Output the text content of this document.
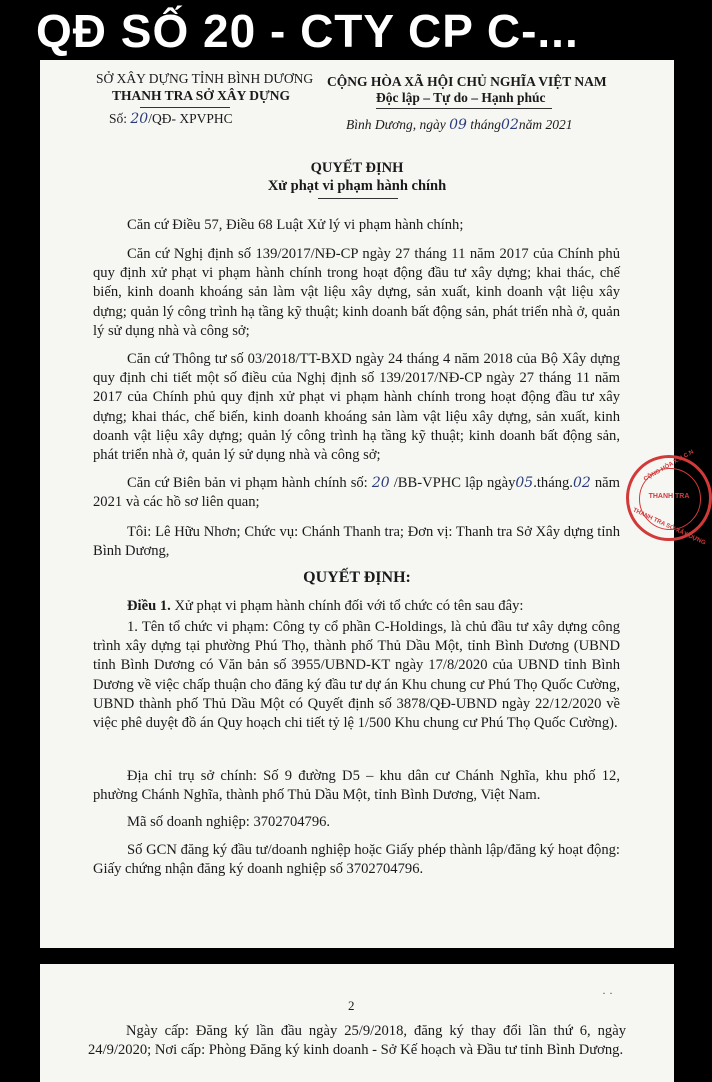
QĐ SỐ 20 - CTY CP C-...
SỞ XÂY DỰNG TỈNH BÌNH DƯƠNG
THANH TRA SỞ XÂY DỰNG
Số: 20/QĐ- XPVPHC
CỘNG HÒA XÃ HỘI CHỦ NGHĨA VIỆT NAM
Độc lập – Tự do – Hạnh phúc
Bình Dương, ngày 09 tháng02năm 2021
QUYẾT ĐỊNH
Xử phạt vi phạm hành chính
Căn cứ Điều 57, Điều 68 Luật Xử lý vi phạm hành chính;
Căn cứ Nghị định số 139/2017/NĐ-CP ngày 27 tháng 11 năm 2017 của Chính phủ quy định xử phạt vi phạm hành chính trong hoạt động đầu tư xây dựng; khai thác, chế biến, kinh doanh khoáng sản làm vật liệu xây dựng, sản xuất, kinh doanh vật liệu xây dựng; quản lý công trình hạ tầng kỹ thuật; kinh doanh bất động sản, phát triển nhà ở, quản lý sử dụng nhà và công sở;
Căn cứ Thông tư số 03/2018/TT-BXD ngày 24 tháng 4 năm 2018 của Bộ Xây dựng quy định chi tiết một số điều của Nghị định số 139/2017/NĐ-CP ngày 27 tháng 11 năm 2017 của Chính phủ quy định xử phạt vi phạm hành chính trong hoạt động đầu tư xây dựng; khai thác, chế biến, kinh doanh khoáng sản làm vật liệu xây dựng, sản xuất, kinh doanh vật liệu xây dựng; quản lý công trình hạ tầng kỹ thuật; kinh doanh bất động sản, phát triển nhà ở, quản lý sử dụng nhà và công sở;
Căn cứ Biên bản vi phạm hành chính số: 20 /BB-VPHC lập ngày05.tháng.02 năm 2021 và các hồ sơ liên quan;
Tôi: Lê Hữu Nhơn; Chức vụ: Chánh Thanh tra; Đơn vị: Thanh tra Sở Xây dựng tỉnh Bình Dương,
CỘNG HÒA X.H.C.N
THANH TRA
THANH TRA SỞ XÂY DỰNG
QUYẾT ĐỊNH:
Điều 1. Xử phạt vi phạm hành chính đối với tổ chức có tên sau đây:
1. Tên tổ chức vi phạm: Công ty cổ phần C-Holdings, là chủ đầu tư xây dựng công trình xây dựng tại phường Phú Thọ, thành phố Thủ Dầu Một, tỉnh Bình Dương (UBND tỉnh Bình Dương có Văn bản số 3955/UBND-KT ngày 17/8/2020 của UBND tỉnh Bình Dương về việc chấp thuận cho đăng ký đầu tư dự án Khu chung cư Phú Thọ Quốc Cường, UBND thành phố Thủ Dầu Một có Quyết định số 3878/QĐ-UBND ngày 22/12/2020 về việc phê duyệt đồ án Quy hoạch chi tiết tỷ lệ 1/500 Khu chung cư Phú Thọ Quốc Cường).
Địa chỉ trụ sở chính: Số 9 đường D5 – khu dân cư Chánh Nghĩa, khu phố 12, phường Chánh Nghĩa, thành phố Thủ Dầu Một, tỉnh Bình Dương, Việt Nam.
Mã số doanh nghiệp: 3702704796.
Số GCN đăng ký đầu tư/doanh nghiệp hoặc Giấy phép thành lập/đăng ký hoạt động: Giấy chứng nhận đăng ký doanh nghiệp số 3702704796.
2
· ·
Ngày cấp: Đăng ký lần đầu ngày 25/9/2018, đăng ký thay đổi lần thứ 6, ngày 24/9/2020; Nơi cấp: Phòng Đăng ký kinh doanh - Sở Kế hoạch và Đầu tư tỉnh Bình Dương.
